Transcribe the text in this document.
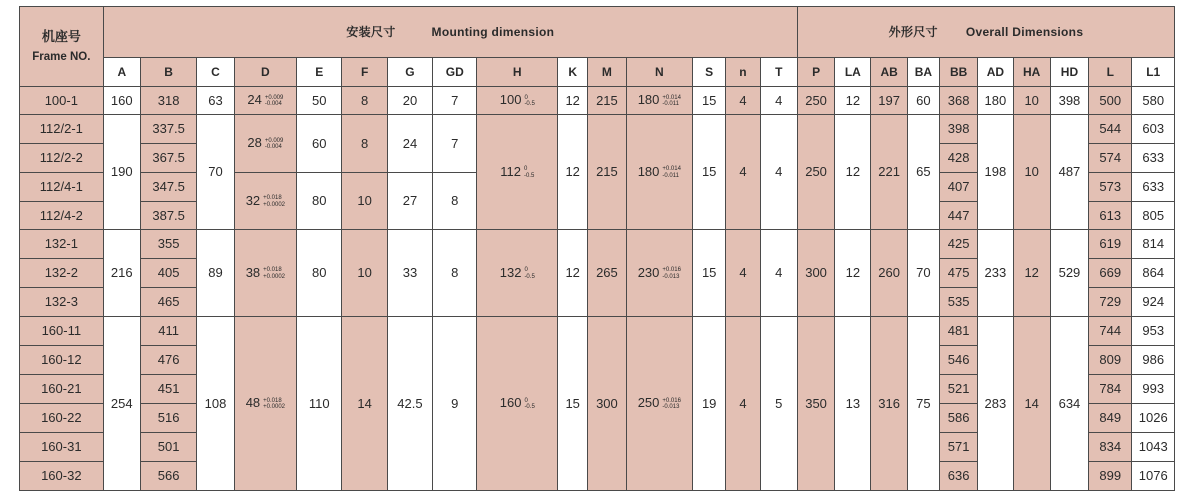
机座号
Frame NO.	安装尺寸 Mounting dimension															外形尺寸 Overall Dimensions									
	A	B	C	D	E	F	G	GD	H	K	M	N	S	n	T	P	LA	AB	BA	BB	AD	HA	HD	L	L1
100-1	160	318	63	24 +0.009
-0.004	50	8	20	7	100 0
-0.5	12	215	180 +0.014
-0.011	15	4	4	250	12	197	60	368	180	10	398	500	580
112/2-1	190	337.5	70	28 +0.009
-0.004	60	8	24	7	112 0
-0.5	12	215	180 +0.014
-0.011	15	4	4	250	12	221	65	398	198	10	487	544	603
112/2-2		367.5																		428				574	633
112/4-1		347.5		32 +0.018
+0.0002	80	10	27	8												407				573	633
112/4-2		387.5																		447				613	805
132-1	216	355	89	38 +0.018
+0.0002	80	10	33	8	132 0
-0.5	12	265	230 +0.016
-0.013	15	4	4	300	12	260	70	425	233	12	529	619	814
132-2		405																		475				669	864
132-3		465																		535				729	924
160-11	254	411	108	48 +0.018
+0.0002	110	14	42.5	9	160 0
-0.5	15	300	250 +0.016
-0.013	19	4	5	350	13	316	75	481	283	14	634	744	953
160-12		476																		546				809	986
160-21		451																		521				784	993
160-22		516																		586				849	1026
160-31		501																		571				834	1043
160-32		566																		636				899	1076
